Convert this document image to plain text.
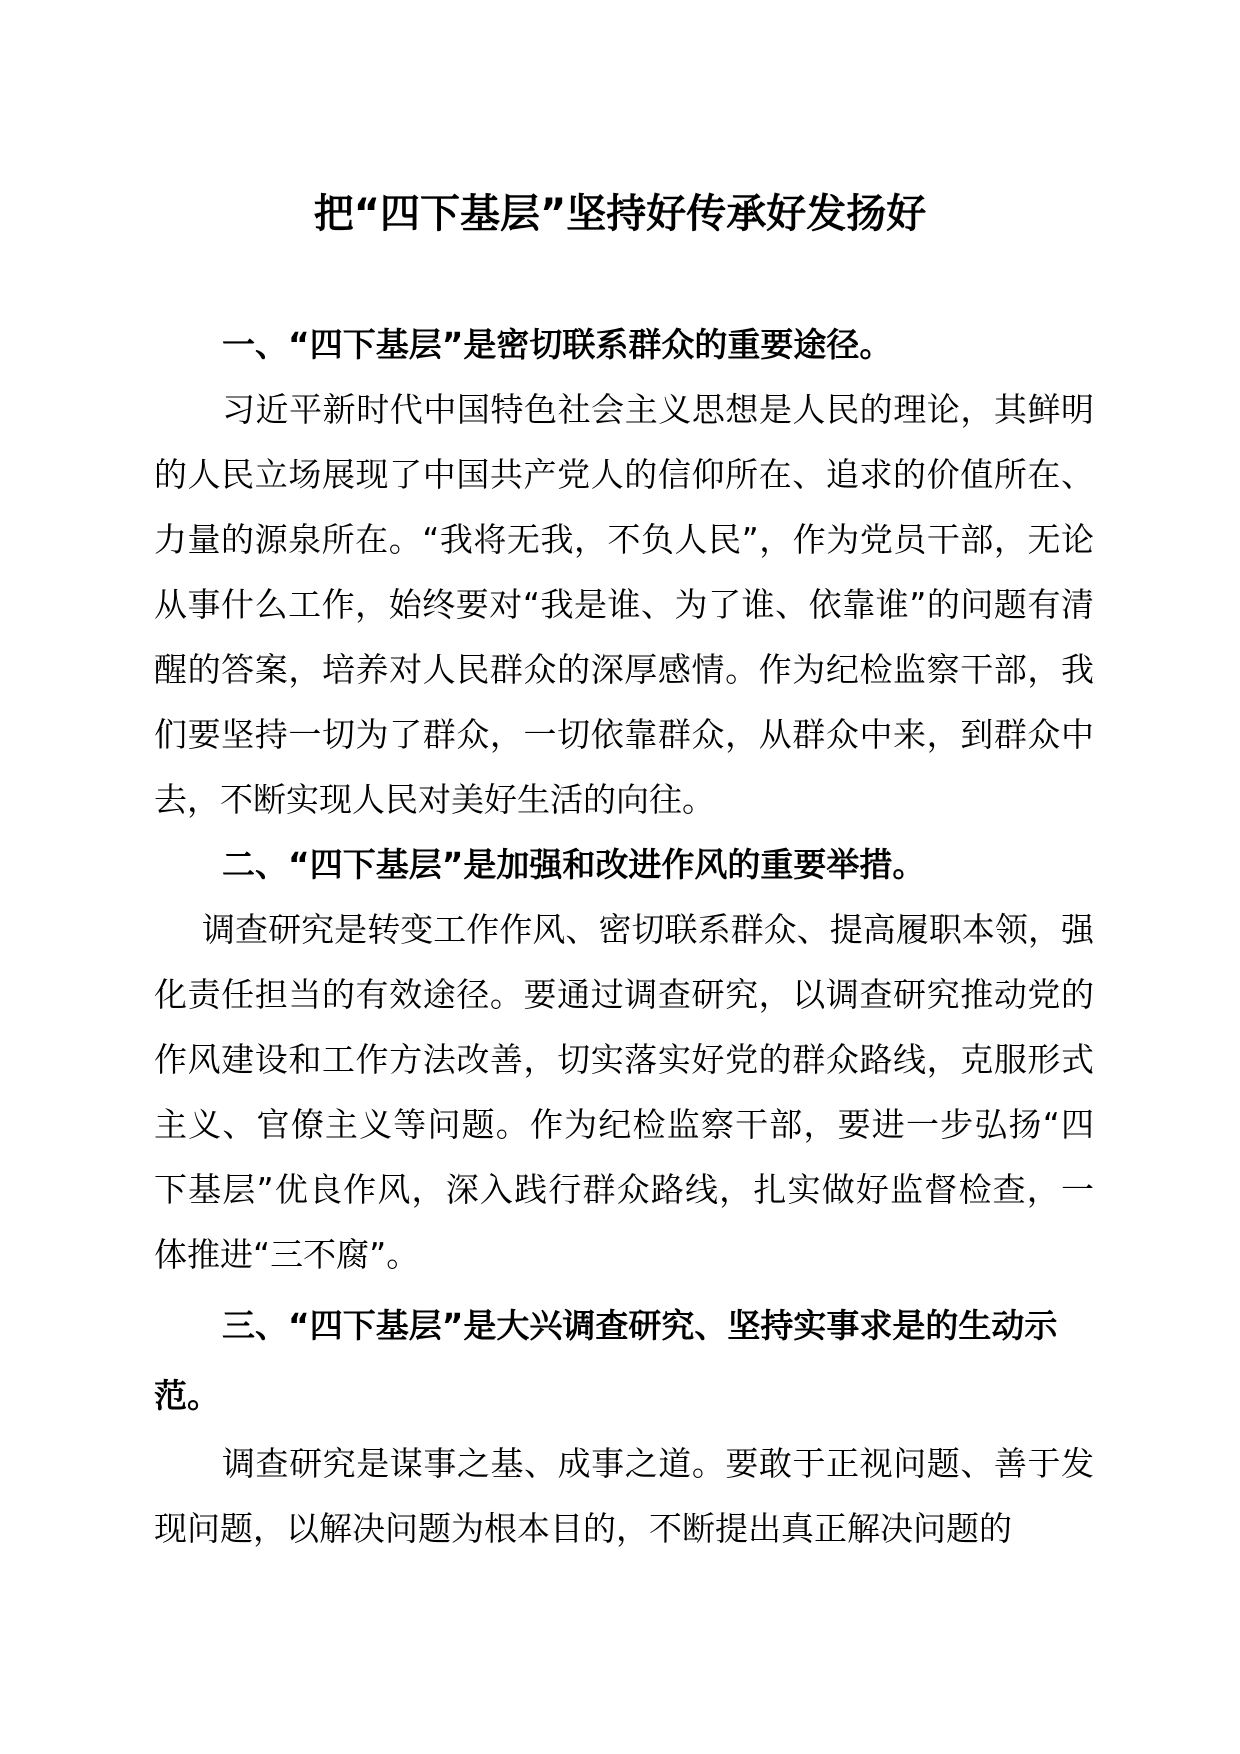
把“四下基层”坚持好传承好发扬好

一、“四下基层”是密切联系群众的重要途径。

习近平新时代中国特色社会主义思想是人民的理论，其鲜明的人民立场展现了中国共产党人的信仰所在、追求的价值所在、力量的源泉所在。“我将无我，不负人民”，作为党员干部，无论从事什么工作，始终要对“我是谁、为了谁、依靠谁”的问题有清醒的答案，培养对人民群众的深厚感情。作为纪检监察干部，我们要坚持一切为了群众，一切依靠群众，从群众中来，到群众中去，不断实现人民对美好生活的向往。

二、“四下基层”是加强和改进作风的重要举措。

调查研究是转变工作作风、密切联系群众、提高履职本领，强化责任担当的有效途径。要通过调查研究，以调查研究推动党的作风建设和工作方法改善，切实落实好党的群众路线，克服形式主义、官僚主义等问题。作为纪检监察干部，要进一步弘扬“四下基层”优良作风，深入践行群众路线，扎实做好监督检查，一体推进“三不腐”。

三、“四下基层”是大兴调查研究、坚持实事求是的生动示范。

调查研究是谋事之基、成事之道。要敢于正视问题、善于发现问题，以解决问题为根本目的，不断提出真正解决问题的
